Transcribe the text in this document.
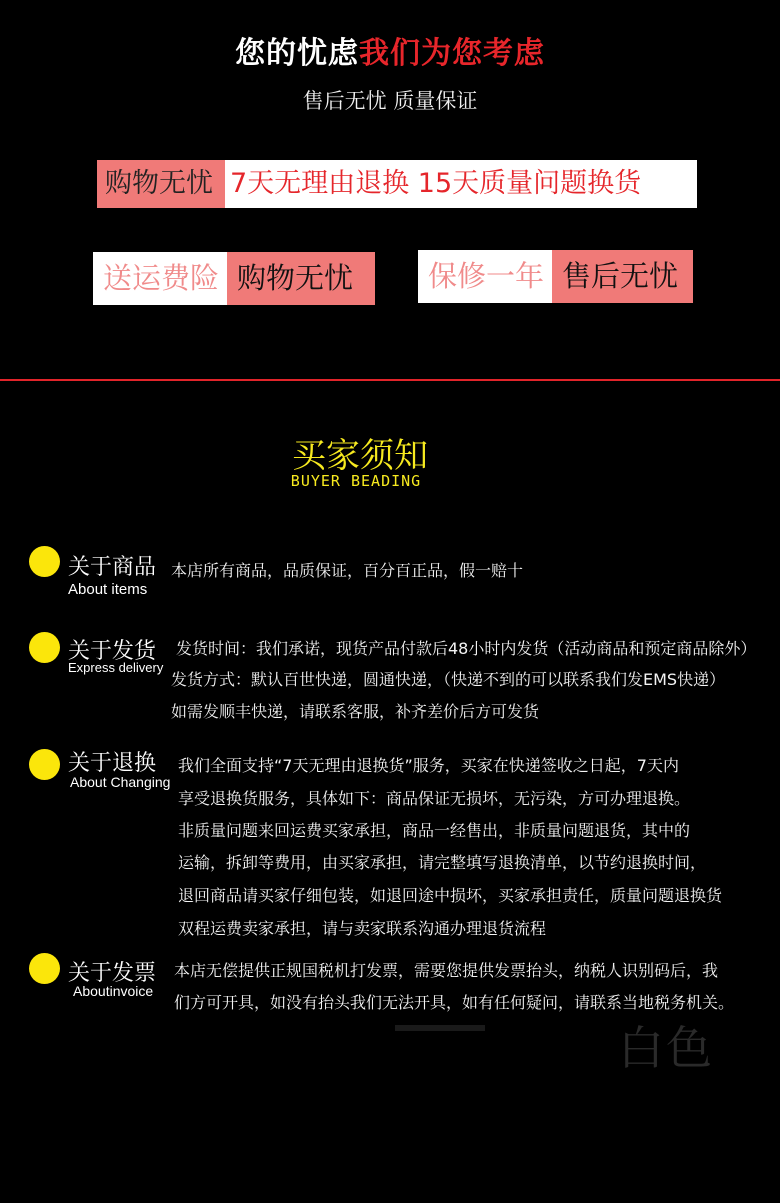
您的忧虑我们为您考虑
售后无忧 质量保证
购物无忧 7天无理由退换 15天质量问题换货
送运费险 购物无忧	保修一年 售后无忧
买家须知
BUYER BEADING
关于商品
About items
本店所有商品，品质保证，百分百正品，假一赔十
关于发货
Express delivery
发货时间：我们承诺，现货产品付款后48小时内发货（活动商品和预定商品除外）
发货方式：默认百世快递，圆通快递，（快递不到的可以联系我们发EMS快递）
如需发顺丰快递，请联系客服，补齐差价后方可发货
关于退换
About Changing
我们全面支持“7天无理由退换货”服务，买家在快递签收之日起，7天内
享受退换货服务，具体如下：商品保证无损坏，无污染，方可办理退换。
非质量问题来回运费买家承担，商品一经售出，非质量问题退货，其中的
运输，拆卸等费用，由买家承担，请完整填写退换清单，以节约退换时间，
退回商品请买家仔细包装，如退回途中损坏，买家承担责任，质量问题退换货
双程运费卖家承担，请与卖家联系沟通办理退货流程
关于发票
Aboutinvoice
本店无偿提供正规国税机打发票，需要您提供发票抬头，纳税人识别码后，我
们方可开具，如没有抬头我们无法开具，如有任何疑问，请联系当地税务机关。
白色
